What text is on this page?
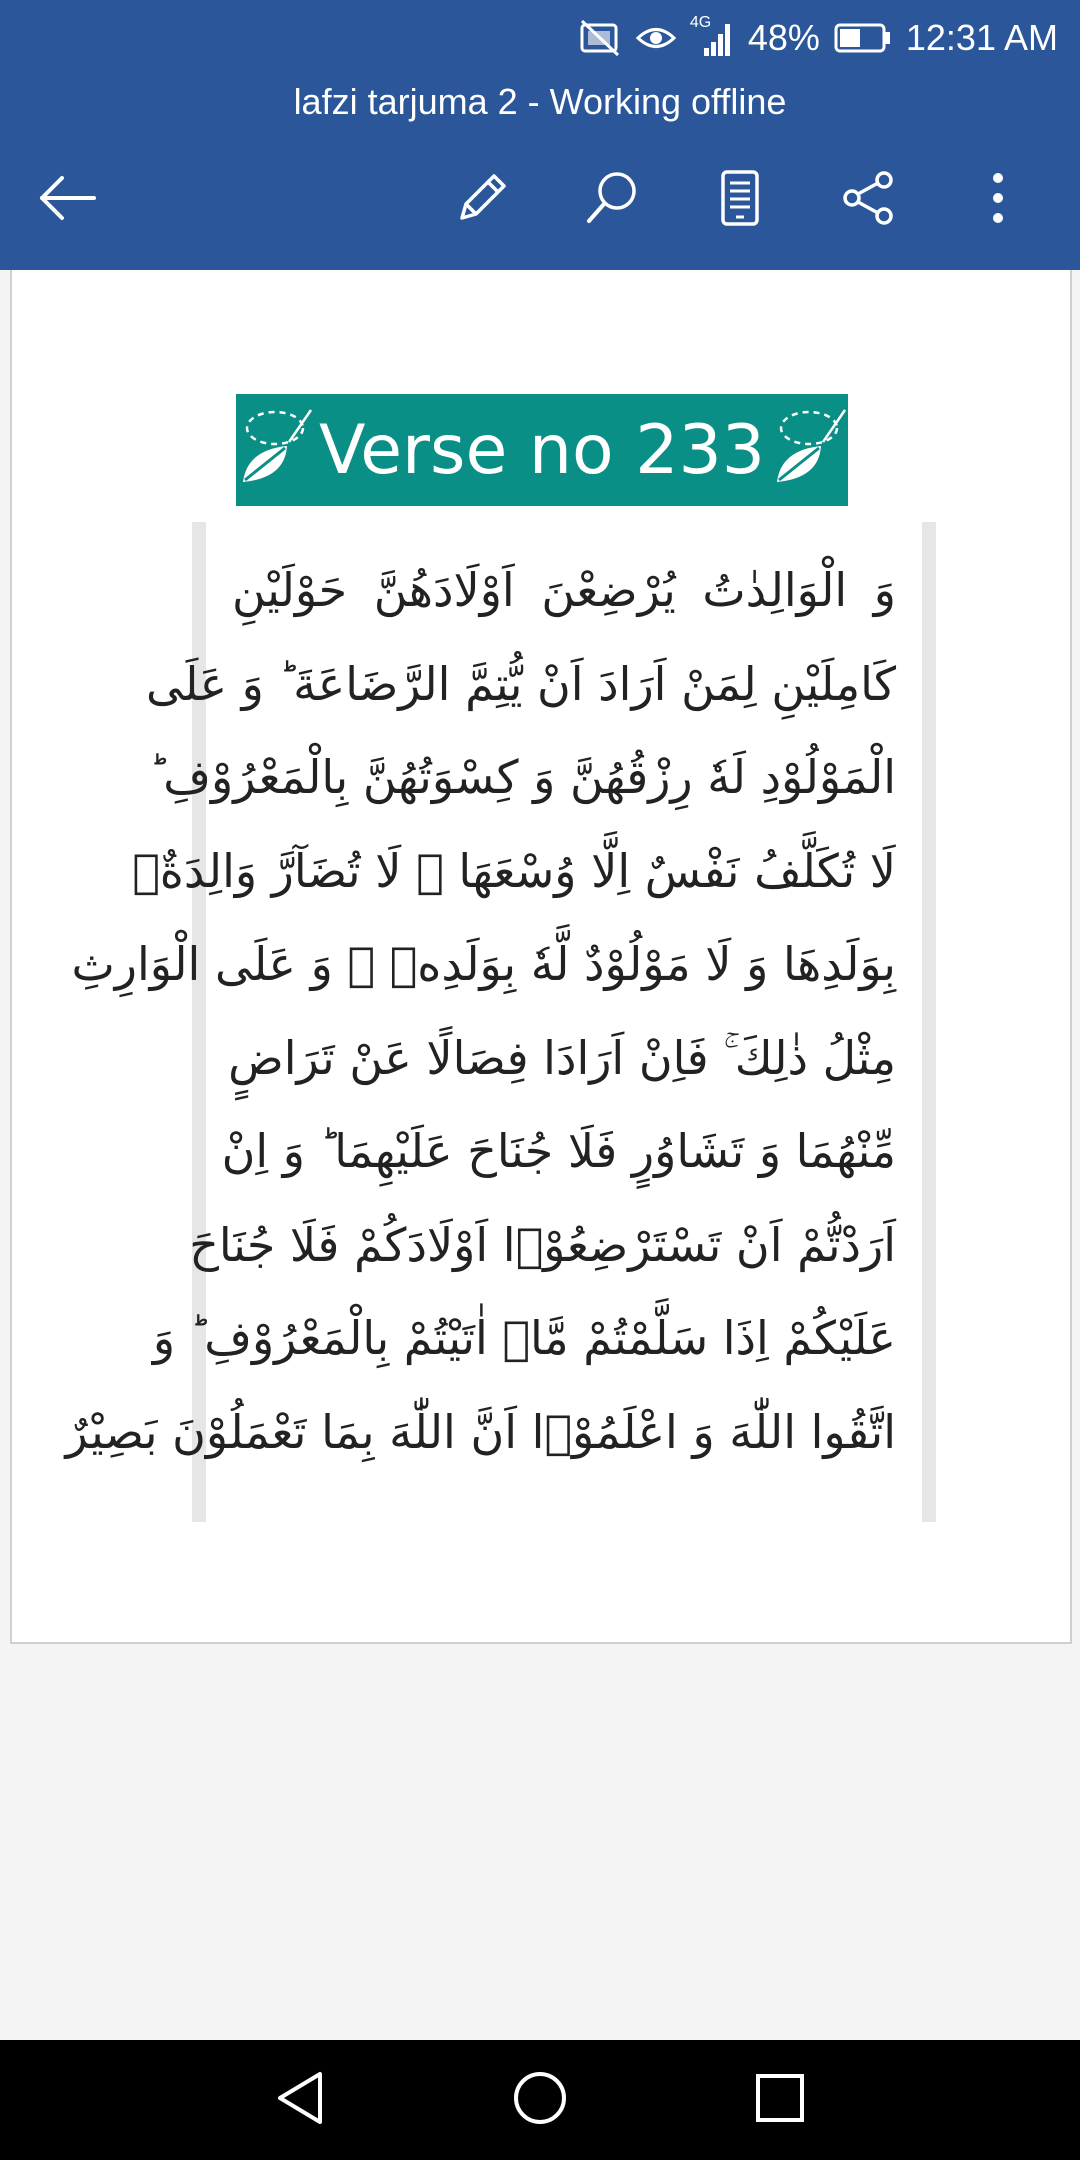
4G 48% 12:31 AM
lafzi tarjuma 2 - Working offline
Verse no 233
وَ الْوَالِدٰتُ يُرْضِعْنَ اَوْلَادَهُنَّ حَوْلَيْنِ
كَامِلَيْنِ لِمَنْ اَرَادَ اَنْ يُّتِمَّ الرَّضَاعَةَ ؕ وَ عَلَى
الْمَوْلُوْدِ لَهٗ رِزْقُهُنَّ وَ كِسْوَتُهُنَّ بِالْمَعْرُوْفِ ؕ
لَا تُكَلَّفُ نَفْسٌ اِلَّا وُسْعَهَا ۚ لَا تُضَآرَّ وَالِدَةٌۢ
بِوَلَدِهَا وَ لَا مَوْلُوْدٌ لَّهٗ بِوَلَدِهٖ ۗ وَ عَلَى الْوَارِثِ
مِثْلُ ذٰلِكَ ۚ فَاِنْ اَرَادَا فِصَالًا عَنْ تَرَاضٍ
مِّنْهُمَا وَ تَشَاوُرٍ فَلَا جُنَاحَ عَلَيْهِمَا ؕ وَ اِنْ
اَرَدْتُّمْ اَنْ تَسْتَرْضِعُوْۤا اَوْلَادَكُمْ فَلَا جُنَاحَ
عَلَيْكُمْ اِذَا سَلَّمْتُمْ مَّاۤ اٰتَيْتُمْ بِالْمَعْرُوْفِ ؕ وَ
اتَّقُوا اللّٰهَ وَ اعْلَمُوْۤا اَنَّ اللّٰهَ بِمَا تَعْمَلُوْنَ بَصِيْرٌ
